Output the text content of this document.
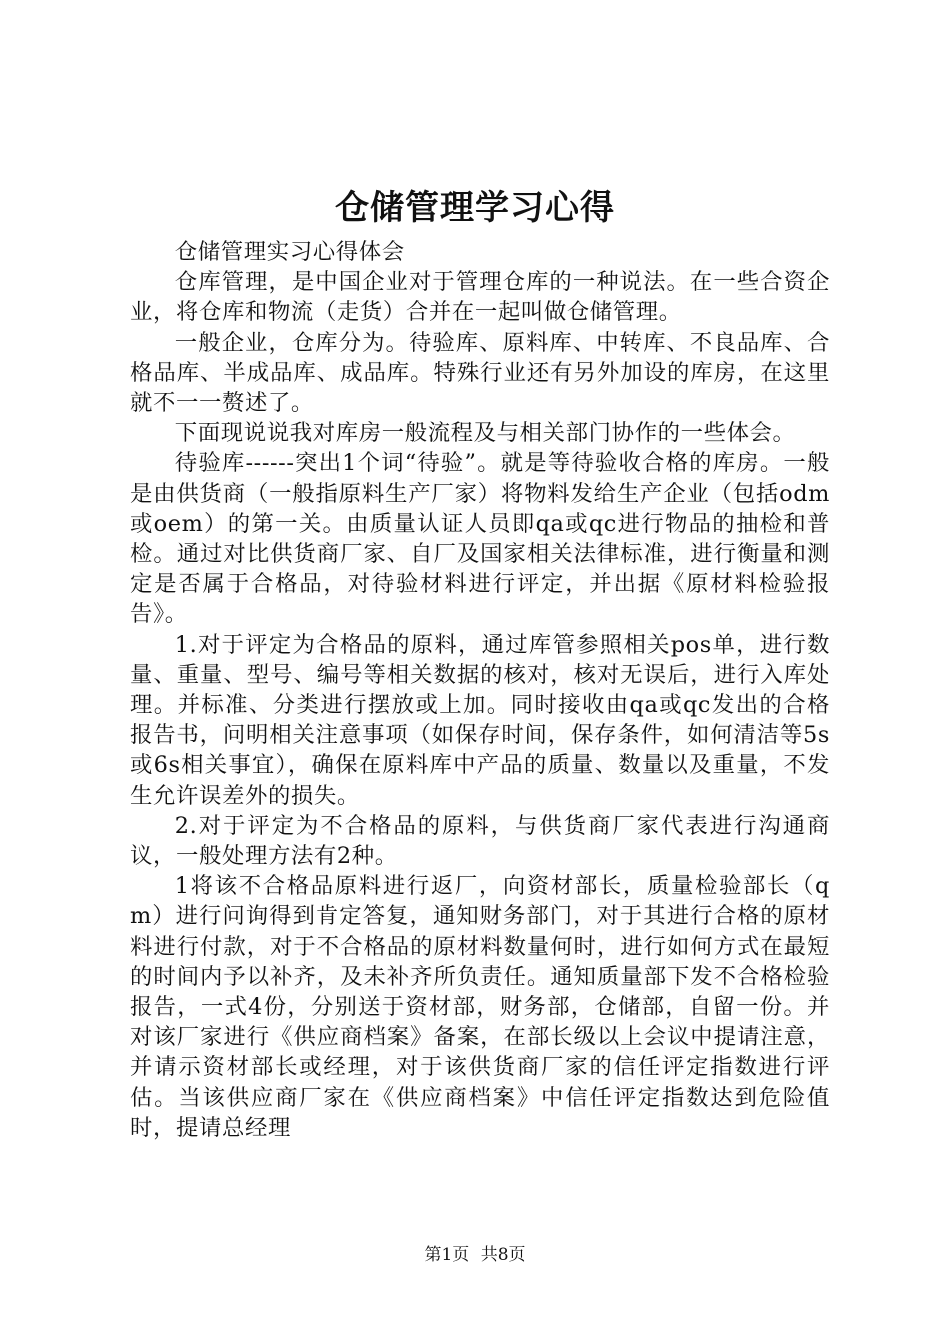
仓储管理学习心得

仓储管理实习心得体会

仓库管理，是中国企业对于管理仓库的一种说法。在一些合资企业，将仓库和物流（走货）合并在一起叫做仓储管理。

一般企业，仓库分为。待验库、原料库、中转库、不良品库、合格品库、半成品库、成品库。特殊行业还有另外加设的库房，在这里就不一一赘述了。

下面现说说我对库房一般流程及与相关部门协作的一些体会。

待验库------突出1个词“待验”。就是等待验收合格的库房。一般是由供货商（一般指原料生产厂家）将物料发给生产企业（包括odm或oem）的第一关。由质量认证人员即qa或qc进行物品的抽检和普检。通过对比供货商厂家、自厂及国家相关法律标准，进行衡量和测定是否属于合格品，对待验材料进行评定，并出据《原材料检验报告》。

1.对于评定为合格品的原料，通过库管参照相关pos单，进行数量、重量、型号、编号等相关数据的核对，核对无误后，进行入库处理。并标准、分类进行摆放或上加。同时接收由qa或qc发出的合格报告书，问明相关注意事项（如保存时间，保存条件，如何清洁等5s或6s相关事宜），确保在原料库中产品的质量、数量以及重量，不发生允许误差外的损失。

2.对于评定为不合格品的原料，与供货商厂家代表进行沟通商议，一般处理方法有2种。

1将该不合格品原料进行返厂，向资材部长，质量检验部长（qm）进行问询得到肯定答复，通知财务部门，对于其进行合格的原材料进行付款，对于不合格品的原材料数量何时，进行如何方式在最短的时间内予以补齐，及未补齐所负责任。通知质量部下发不合格检验报告，一式4份，分别送于资材部，财务部，仓储部，自留一份。并对该厂家进行《供应商档案》备案，在部长级以上会议中提请注意，并请示资材部长或经理，对于该供货商厂家的信任评定指数进行评估。当该供应商厂家在《供应商档案》中信任评定指数达到危险值时，提请总经理

第1页 共8页
